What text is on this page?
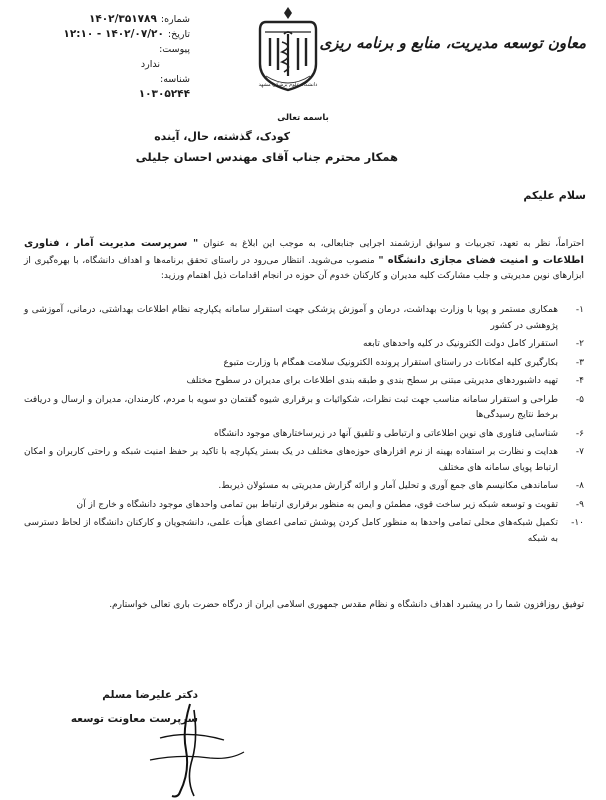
شماره:
۱۴۰۲/۳۵۱۷۸۹
تاریخ:
۱۴۰۲/۰۷/۲۰ - ۱۲:۱۰
پیوست:
ندارد
شناسه:
۱۰۳۰۵۲۴۴
دانشگاه علوم پزشکی مشهد
معاون توسعه مدیریت، منابع و برنامه ریزی
باسمه تعالی
کودک، گذشته، حال، آینده
همکار محترم جناب آقای مهندس احسان جلیلی
سلام علیکم
احتراماً، نظر به تعهد، تجربیات و سوابق ارزشمند اجرایی جنابعالی، به موجب این ابلاغ به عنوان " سرپرست مدیریت آمار ، فناوری اطلاعات و امنیت فضای مجازی دانشگاه " منصوب می‌شوید. انتظار می‌رود در راستای تحقق برنامه‌ها و اهداف دانشگاه، با بهره‌گیری از ابزارهای نوین مدیریتی و جلب مشارکت کلیه مدیران و کارکنان خدوم آن حوزه در انجام اقدامات ذیل اهتمام ورزید:
۱-
همکاری مستمر و پویا با وزارت بهداشت، درمان و آموزش پزشکی جهت استقرار سامانه یکپارچه نظام اطلاعات بهداشتی، درمانی، آموزشی و پژوهشی در کشور
۲-
استقرار کامل دولت الکترونیک در کلیه واحدهای تابعه
۳-
بکارگیری کلیه امکانات در راستای استقرار پرونده الکترونیک سلامت همگام با وزارت متبوع
۴-
تهیه داشبوردهای مدیریتی مبتنی بر سطح بندی و طبقه بندی اطلاعات برای مدیران در سطوح مختلف
۵-
طراحی و استقرار سامانه مناسب جهت ثبت نظرات، شکوائیات و برقراری شیوه گفتمان دو سویه با مردم، کارمندان، مدیران و ارسال و دریافت برخط نتایج رسیدگی‌ها
۶-
شناسایی فناوری های نوین اطلاعاتی و ارتباطی و تلفیق آنها در زیرساختارهای موجود دانشگاه
۷-
هدایت و نظارت بر استفاده بهینه از نرم افزارهای حوزه‌های مختلف در یک بستر یکپارچه با تاکید بر حفظ امنیت شبکه و راحتی کاربران و امکان ارتباط پویای سامانه های مختلف
۸-
ساماندهی مکانیسم های جمع آوری و تحلیل آمار و ارائه گزارش مدیریتی به مسئولان ذیربط.
۹-
تقویت و توسعه شبکه زیر ساخت قوی، مطمئن و ایمن به منظور برقراری ارتباط بین تمامی واحدهای موجود دانشگاه و خارج از آن
۱۰-
تکمیل شبکه‌های محلی تمامی واحدها به منظور کامل کردن پوشش تمامی اعضای هیأت علمی، دانشجویان و کارکنان دانشگاه از لحاظ دسترسی به شبکه
توفیق روزافزون شما را در پیشبرد اهداف دانشگاه و نظام مقدس جمهوری اسلامی ایران از درگاه حضرت باری تعالی خواستارم.
دکتر علیرضا مسلم
سرپرست معاونت توسعه
